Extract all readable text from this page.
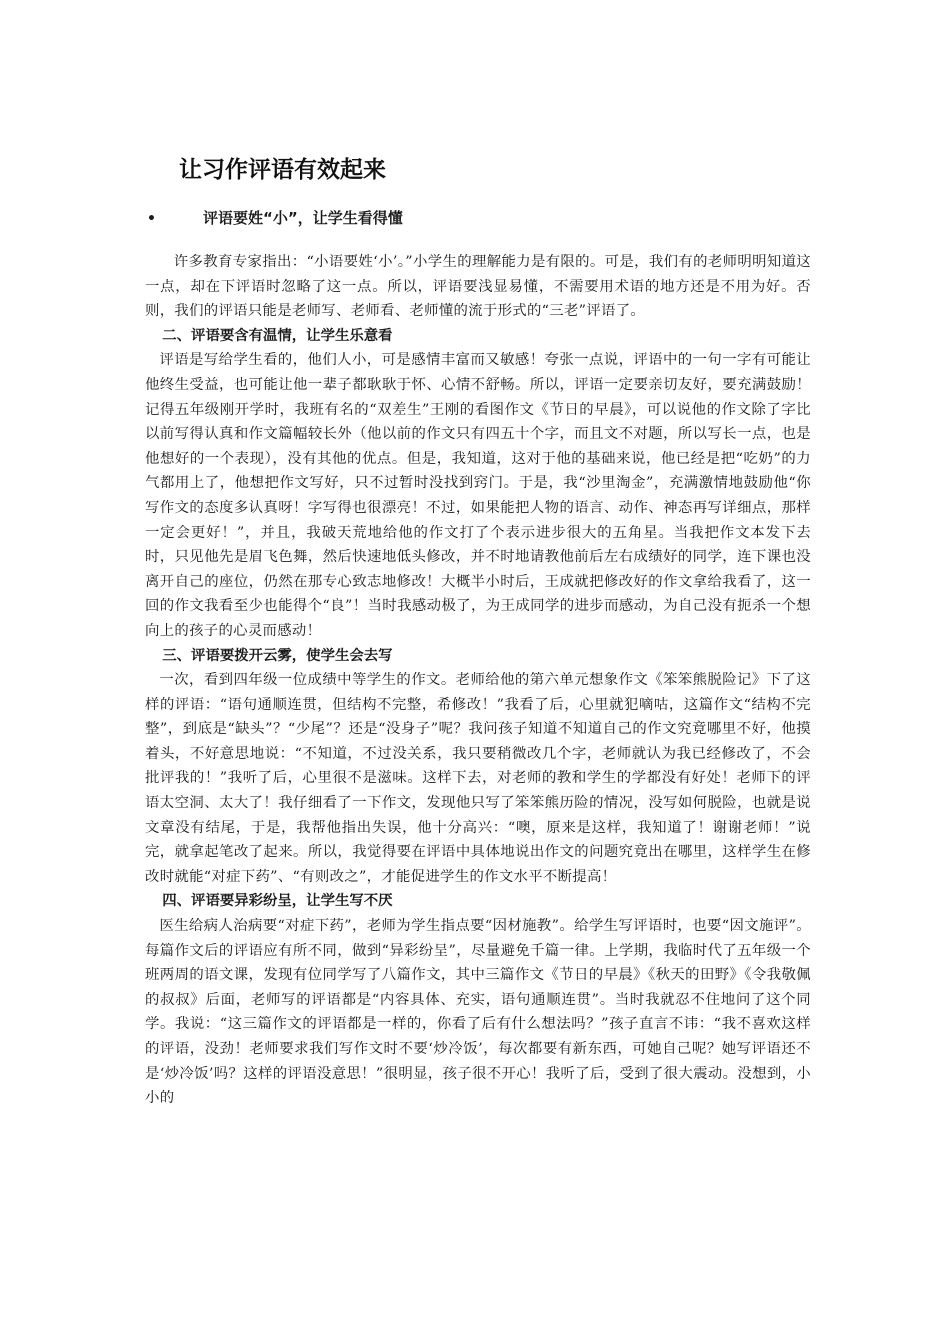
让习作评语有效起来
•	评语要姓“小”，让学生看得懂

许多教育专家指出：“小语要姓‘小’。”小学生的理解能力是有限的。可是，我们有的老师明明知道这一点，却在下评语时忽略了这一点。所以，评语要浅显易懂，不需要用术语的地方还是不用为好。否则，我们的评语只能是老师写、老师看、老师懂的流于形式的“三老”评语了。

二、评语要含有温情，让学生乐意看

评语是写给学生看的，他们人小，可是感情丰富而又敏感！夸张一点说，评语中的一句一字有可能让他终生受益，也可能让他一辈子都耿耿于怀、心情不舒畅。所以，评语一定要亲切友好，要充满鼓励！记得五年级刚开学时，我班有名的“双差生”王刚的看图作文《节日的早晨》，可以说他的作文除了字比以前写得认真和作文篇幅较长外（他以前的作文只有四五十个字，而且文不对题，所以写长一点，也是他想好的一个表现），没有其他的优点。但是，我知道，这对于他的基础来说，他已经是把“吃奶”的力气都用上了，他想把作文写好，只不过暂时没找到窍门。于是，我“沙里淘金”，充满激情地鼓励他“你写作文的态度多认真呀！字写得也很漂亮！不过，如果能把人物的语言、动作、神态再写详细点，那样一定会更好！”，并且，我破天荒地给他的作文打了个表示进步很大的五角星。当我把作文本发下去时，只见他先是眉飞色舞，然后快速地低头修改，并不时地请教他前后左右成绩好的同学，连下课也没离开自己的座位，仍然在那专心致志地修改！大概半小时后，王成就把修改好的作文拿给我看了，这一回的作文我看至少也能得个“良”！当时我感动极了，为王成同学的进步而感动，为自己没有扼杀一个想向上的孩子的心灵而感动！

三、评语要拨开云雾，使学生会去写

一次，看到四年级一位成绩中等学生的作文。老师给他的第六单元想象作文《笨笨熊脱险记》下了这样的评语：“语句通顺连贯，但结构不完整，希修改！”我看了后，心里就犯嘀咕，这篇作文“结构不完整”，到底是“缺头”？“少尾”？还是“没身子”呢？我问孩子知道不知道自己的作文究竟哪里不好，他摸着头，不好意思地说：“不知道，不过没关系，我只要稍微改几个字，老师就认为我已经修改了，不会批评我的！”我听了后，心里很不是滋味。这样下去，对老师的教和学生的学都没有好处！老师下的评语太空洞、太大了！我仔细看了一下作文，发现他只写了笨笨熊历险的情况，没写如何脱险，也就是说文章没有结尾，于是，我帮他指出失误，他十分高兴：“噢，原来是这样，我知道了！谢谢老师！”说完，就拿起笔改了起来。所以，我觉得要在评语中具体地说出作文的问题究竟出在哪里，这样学生在修改时就能“对症下药”、“有则改之”，才能促进学生的作文水平不断提高！

四、评语要异彩纷呈，让学生写不厌

医生给病人治病要“对症下药”，老师为学生指点要“因材施教”。给学生写评语时，也要“因文施评”。每篇作文后的评语应有所不同，做到“异彩纷呈”，尽量避免千篇一律。上学期，我临时代了五年级一个班两周的语文课，发现有位同学写了八篇作文，其中三篇作文《节日的早晨》《秋天的田野》《令我敬佩的叔叔》后面，老师写的评语都是“内容具体、充实，语句通顺连贯”。当时我就忍不住地问了这个同学。我说：“这三篇作文的评语都是一样的，你看了后有什么想法吗？”孩子直言不讳：“我不喜欢这样的评语，没劲！老师要求我们写作文时不要‘炒冷饭’，每次都要有新东西，可她自己呢？她写评语还不是‘炒冷饭’吗？这样的评语没意思！”很明显，孩子很不开心！我听了后，受到了很大震动。没想到，小小的
